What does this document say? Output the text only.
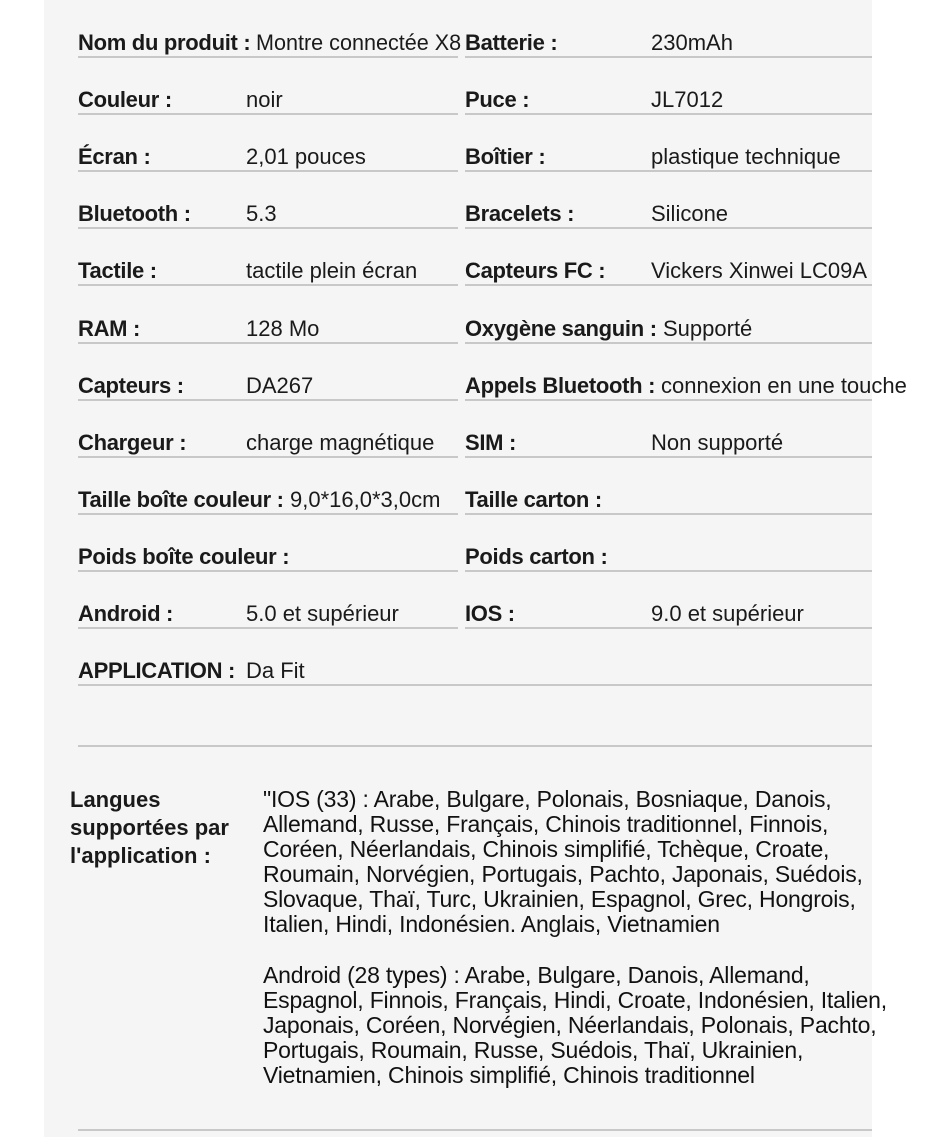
Nom du produit : Montre connectée X8 Batterie :	230mAh
Couleur :	noir	Puce :	JL7012
Écran :	2,01 pouces	Boîtier :	plastique technique
Bluetooth :	5.3	Bracelets :	Silicone
Tactile :	tactile plein écran Capteurs FC : Vickers Xinwei LC09A
RAM :	128 Mo	Oxygène sanguin : Supporté
Capteurs :	DA267	Appels Bluetooth : connexion en une touche
Chargeur :	charge magnétique SIM :	Non supporté
Taille boîte couleur : 9,0*16,0*3,0cm Taille carton :
Poids boîte couleur :	Poids carton :
Android :	5.0 et supérieur	IOS :	9.0 et supérieur
APPLICATION : Da Fit
Langues supportées par l'application :
"IOS (33) : Arabe, Bulgare, Polonais, Bosniaque, Danois, Allemand, Russe, Français, Chinois traditionnel, Finnois, Coréen, Néerlandais, Chinois simplifié, Tchèque, Croate, Roumain, Norvégien, Portugais, Pachto, Japonais, Suédois, Slovaque, Thaï, Turc, Ukrainien, Espagnol, Grec, Hongrois, Italien, Hindi, Indonésien. Anglais, Vietnamien
Android (28 types) : Arabe, Bulgare, Danois, Allemand, Espagnol, Finnois, Français, Hindi, Croate, Indonésien, Italien, Japonais, Coréen, Norvégien, Néerlandais, Polonais, Pachto, Portugais, Roumain, Russe, Suédois, Thaï, Ukrainien, Vietnamien, Chinois simplifié, Chinois traditionnel
